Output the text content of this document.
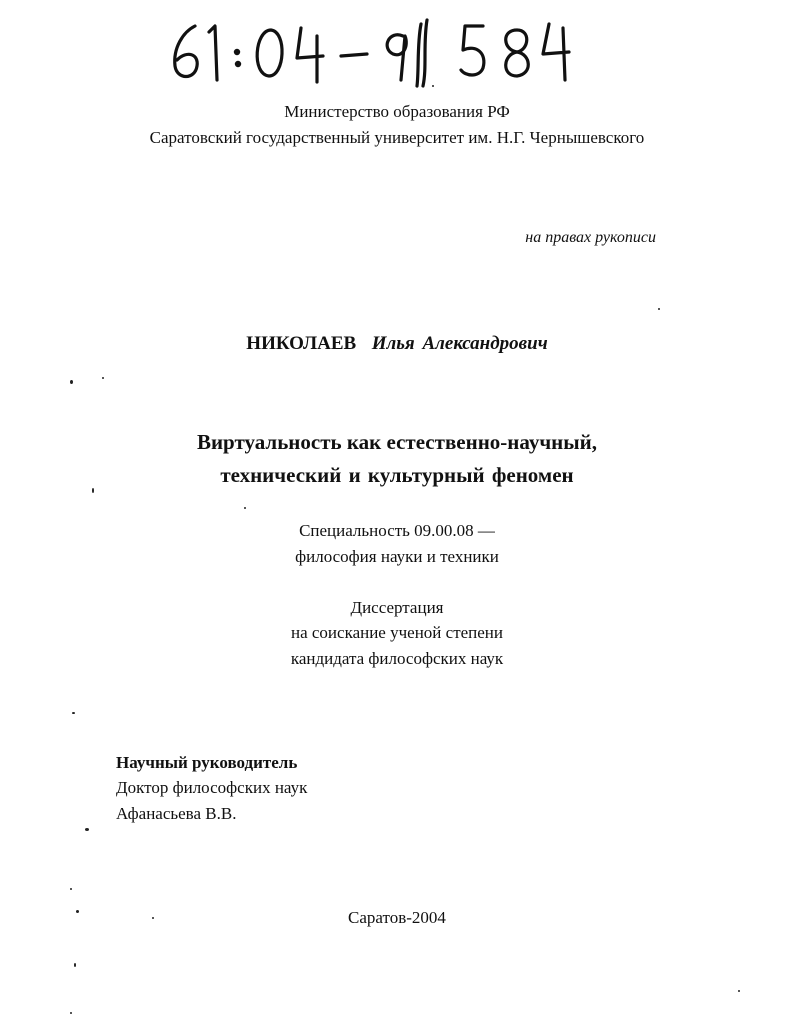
Министерство образования РФ
Саратовский государственный университет им. Н.Г. Чернышевского
на правах рукописи
НИКОЛАЕВ Илья Александрович
Виртуальность как естественно-научный,
технический и культурный феномен
Специальность 09.00.08 —
философия науки и техники
Диссертация
на соискание ученой степени
кандидата философских наук
Научный руководитель
Доктор философских наук
Афанасьева В.В.
Саратов-2004
